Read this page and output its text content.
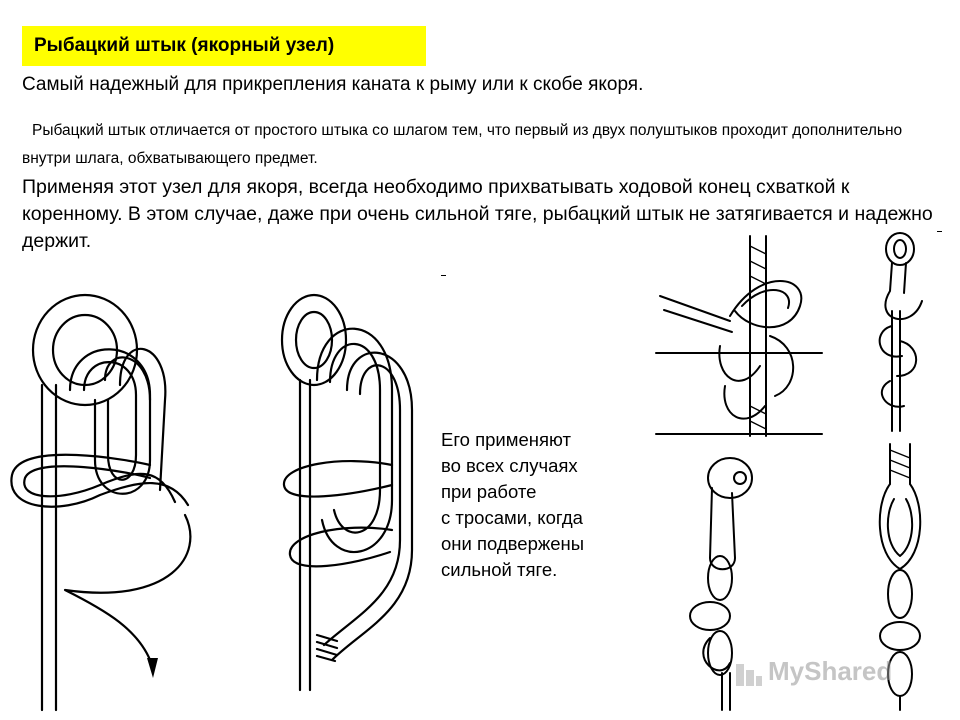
Рыбацкий штык (якорный узел)
Самый надежный для прикрепления каната к рыму или к скобе якоря.
Рыбацкий штык отличается от простого штыка со шлагом тем, что первый из двух полуштыков проходит дополнительно внутри шлага, обхватывающего предмет.
Применяя этот узел для якоря, всегда необходимо прихватывать ходовой конец схваткой к коренному. В этом случае, даже при очень сильной тяге, рыбацкий штык не затягивается и надежно держит.
Его применяют
во всех случаях
при работе
с тросами, когда
они подвержены
сильной тяге.
MyShared
